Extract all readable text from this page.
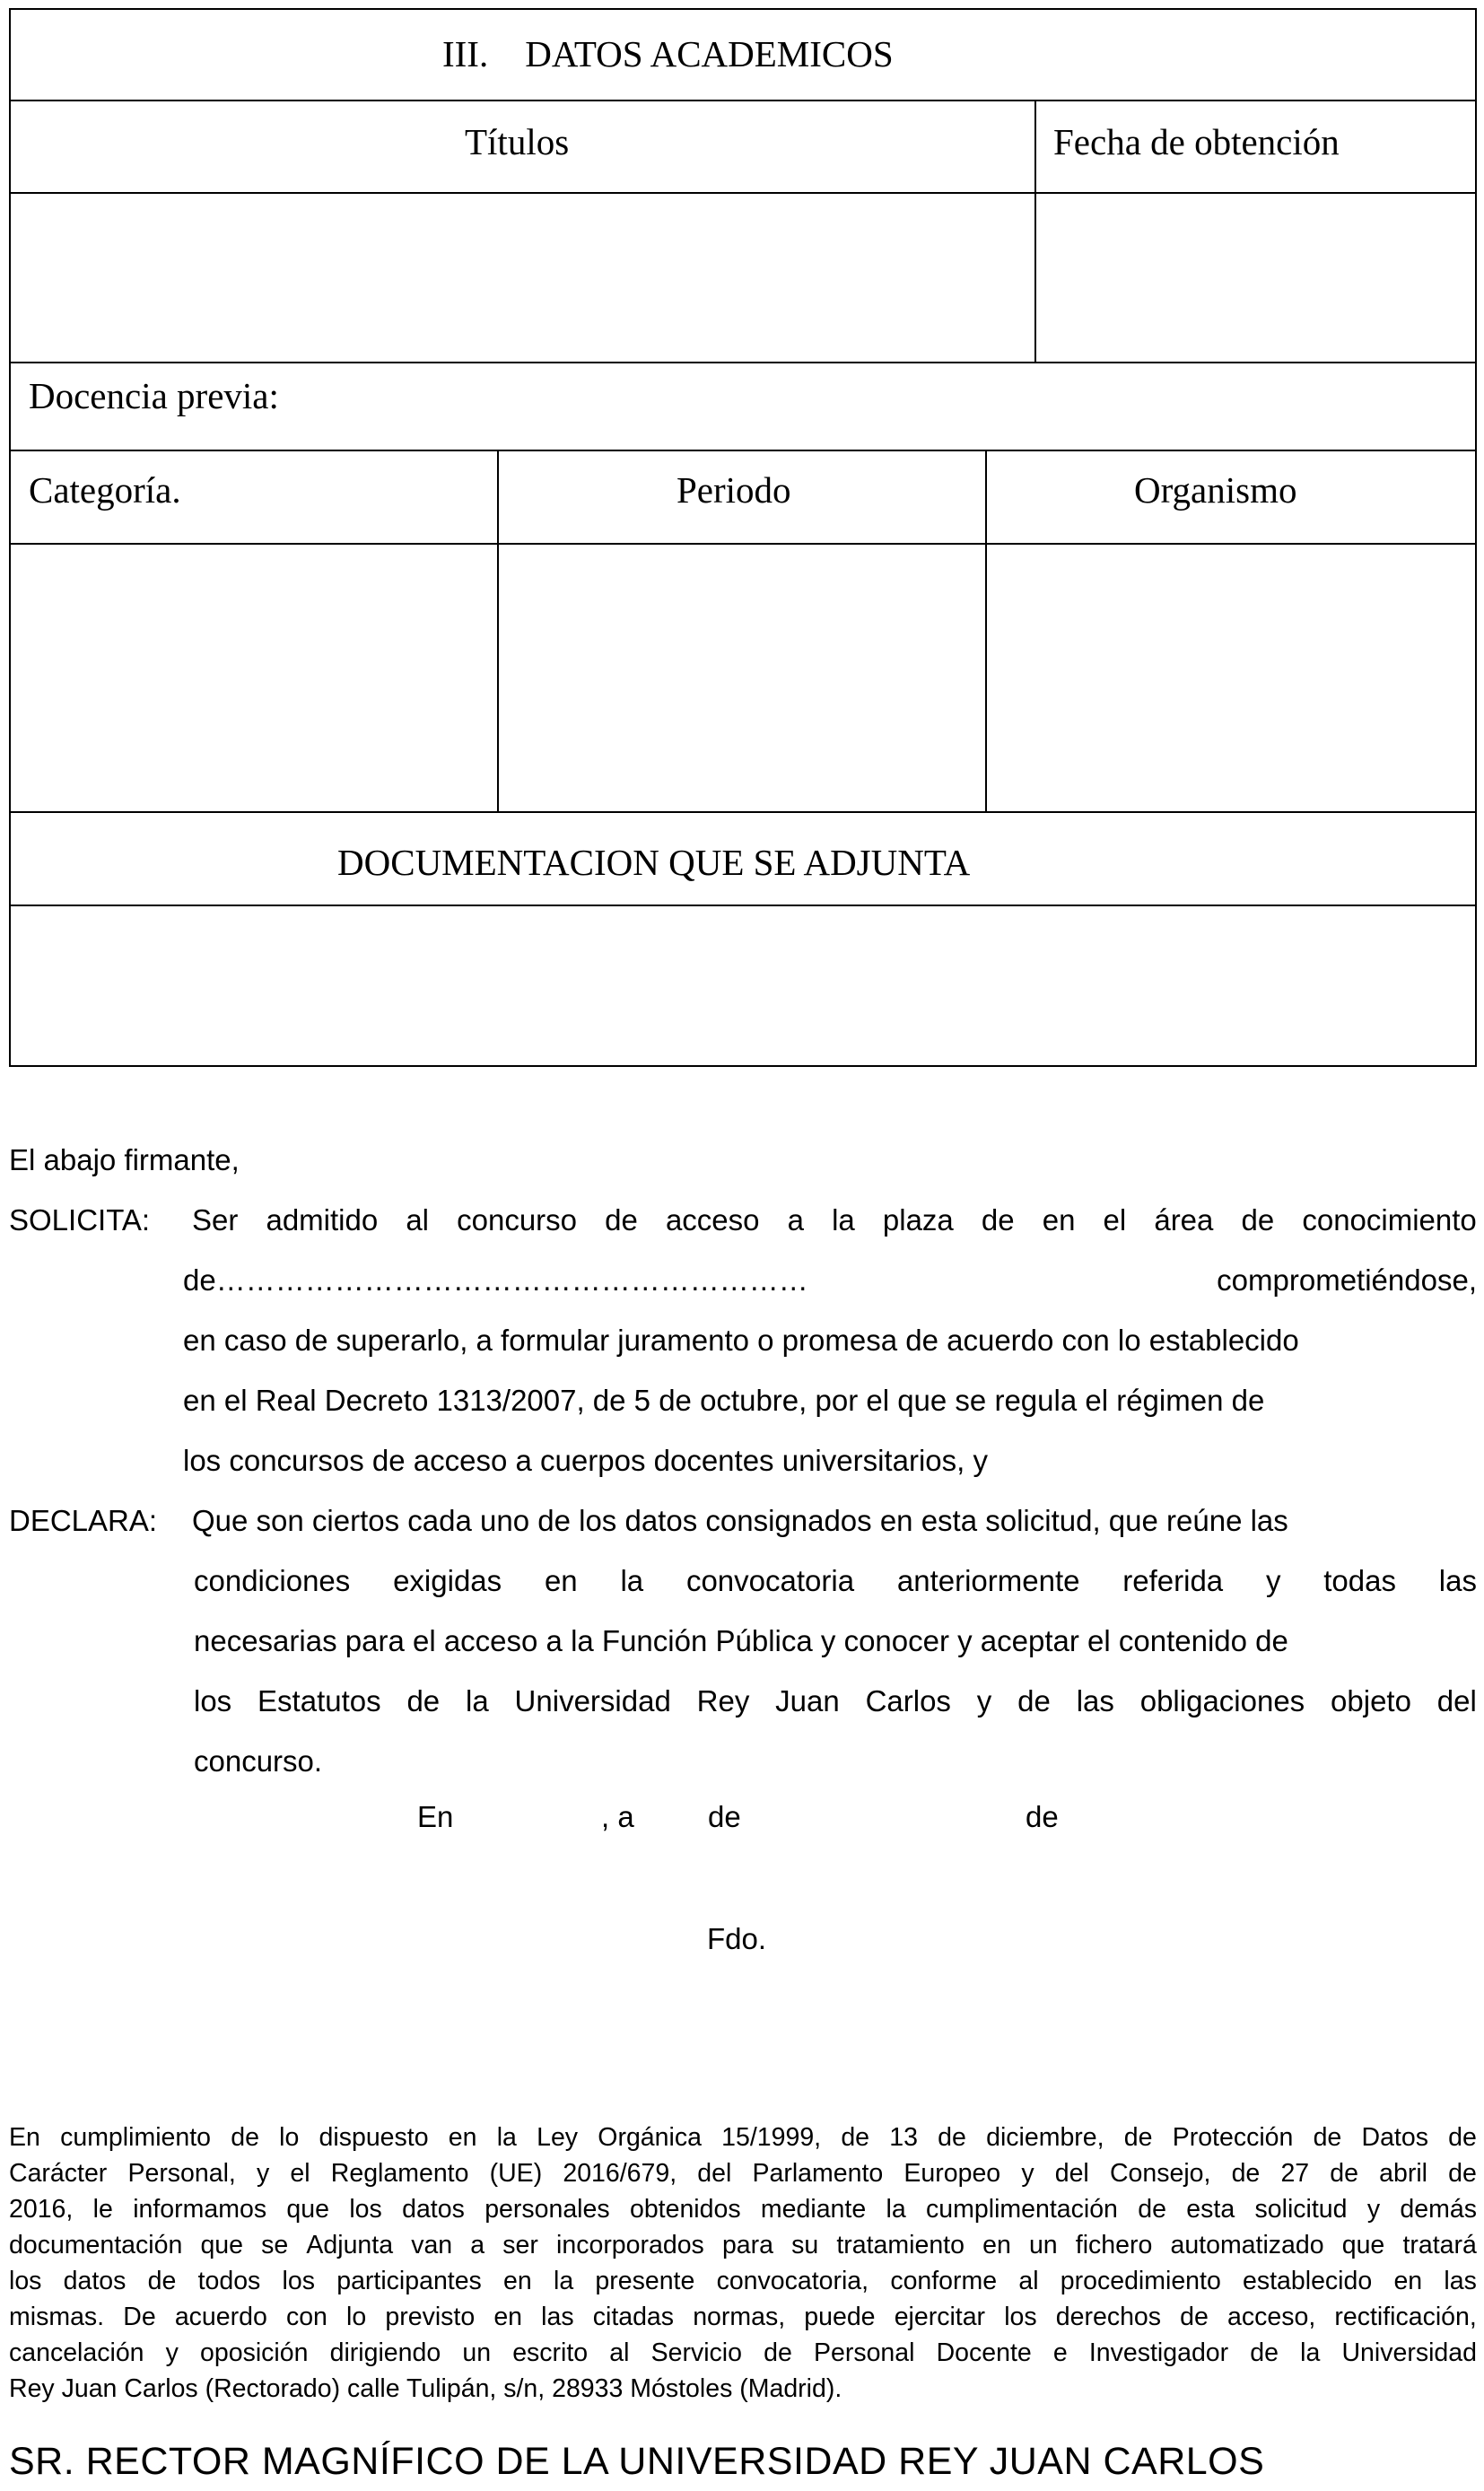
III.    DATOS ACADEMICOS
Títulos	Fecha de obtención
Docencia previa:
Categoría.	Periodo	Organismo
DOCUMENTACION QUE SE ADJUNTA
El abajo firmante,
SOLICITA: Ser admitido al concurso de acceso a la plaza de en el área de conocimiento
de……………………………………………………	comprometiéndose,
en caso de superarlo, a formular juramento o promesa de acuerdo con lo establecido
en el Real Decreto 1313/2007, de 5 de octubre, por el que se regula el régimen de
los concursos de acceso a cuerpos docentes universitarios, y
DECLARA: Que son ciertos cada uno de los datos consignados en esta solicitud, que reúne las
condiciones exigidas en la convocatoria anteriormente referida y todas las
necesarias para el acceso a la Función Pública y conocer y aceptar el contenido de
los Estatutos de la Universidad Rey Juan Carlos y de las obligaciones objeto del
concurso.
En	, a de	de
Fdo.
En cumplimiento de lo dispuesto en la Ley Orgánica 15/1999, de 13 de diciembre, de Protección de Datos de
Carácter Personal, y el Reglamento (UE) 2016/679, del Parlamento Europeo y del Consejo, de 27 de abril de
2016, le informamos que los datos personales obtenidos mediante la cumplimentación de esta solicitud y demás
documentación que se Adjunta van a ser incorporados para su tratamiento en un fichero automatizado que tratará
los datos de todos los participantes en la presente convocatoria, conforme al procedimiento establecido en las
mismas. De acuerdo con lo previsto en las citadas normas, puede ejercitar los derechos de acceso, rectificación,
cancelación y oposición dirigiendo un escrito al Servicio de Personal Docente e Investigador de la Universidad
Rey Juan Carlos (Rectorado) calle Tulipán, s/n, 28933 Móstoles (Madrid).
SR. RECTOR MAGNÍFICO DE LA UNIVERSIDAD REY JUAN CARLOS
